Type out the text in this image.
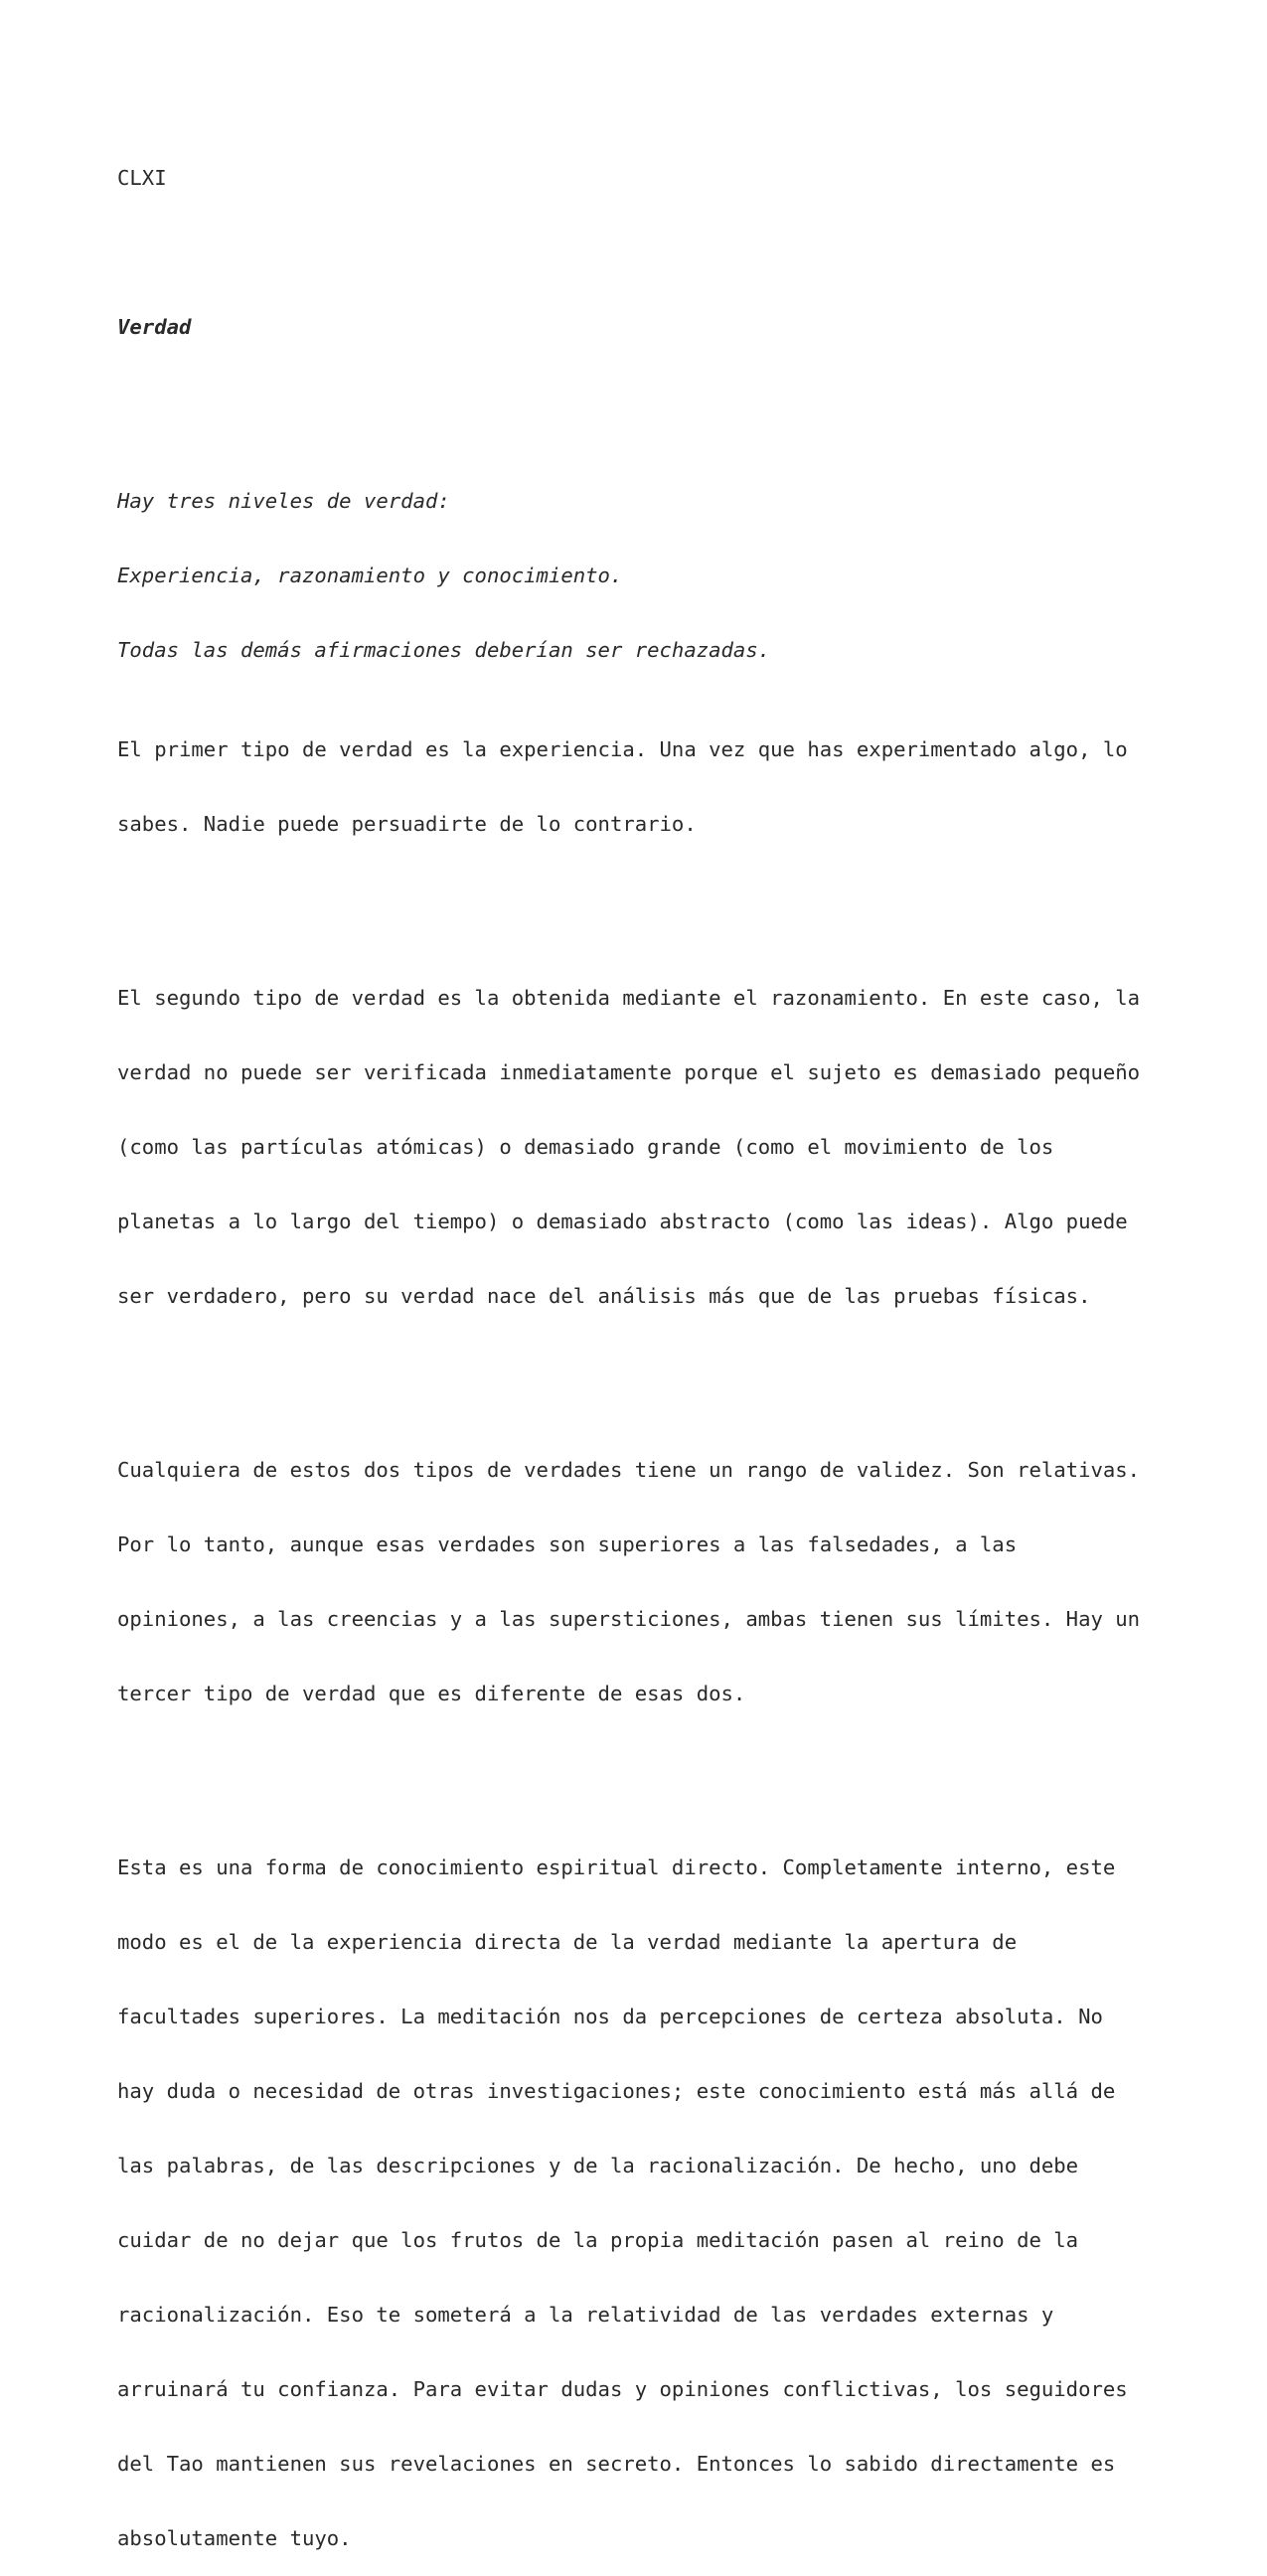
CLXI

Verdad

Hay tres niveles de verdad:

Experiencia, razonamiento y conocimiento.

Todas las demás afirmaciones deberían ser rechazadas.

El primer tipo de verdad es la experiencia. Una vez que has experimentado algo, lo

sabes. Nadie puede persuadirte de lo contrario.

El segundo tipo de verdad es la obtenida mediante el razonamiento. En este caso, la

verdad no puede ser verificada inmediatamente porque el sujeto es demasiado pequeño

(como las partículas atómicas) o demasiado grande (como el movimiento de los

planetas a lo largo del tiempo) o demasiado abstracto (como las ideas). Algo puede

ser verdadero, pero su verdad nace del análisis más que de las pruebas físicas.

Cualquiera de estos dos tipos de verdades tiene un rango de validez. Son relativas.

Por lo tanto, aunque esas verdades son superiores a las falsedades, a las

opiniones, a las creencias y a las supersticiones, ambas tienen sus límites. Hay un

tercer tipo de verdad que es diferente de esas dos.

Esta es una forma de conocimiento espiritual directo. Completamente interno, este

modo es el de la experiencia directa de la verdad mediante la apertura de

facultades superiores. La meditación nos da percepciones de certeza absoluta. No

hay duda o necesidad de otras investigaciones; este conocimiento está más allá de

las palabras, de las descripciones y de la racionalización. De hecho, uno debe

cuidar de no dejar que los frutos de la propia meditación pasen al reino de la

racionalización. Eso te someterá a la relatividad de las verdades externas y

arruinará tu confianza. Para evitar dudas y opiniones conflictivas, los seguidores

del Tao mantienen sus revelaciones en secreto. Entonces lo sabido directamente es

absolutamente tuyo.
